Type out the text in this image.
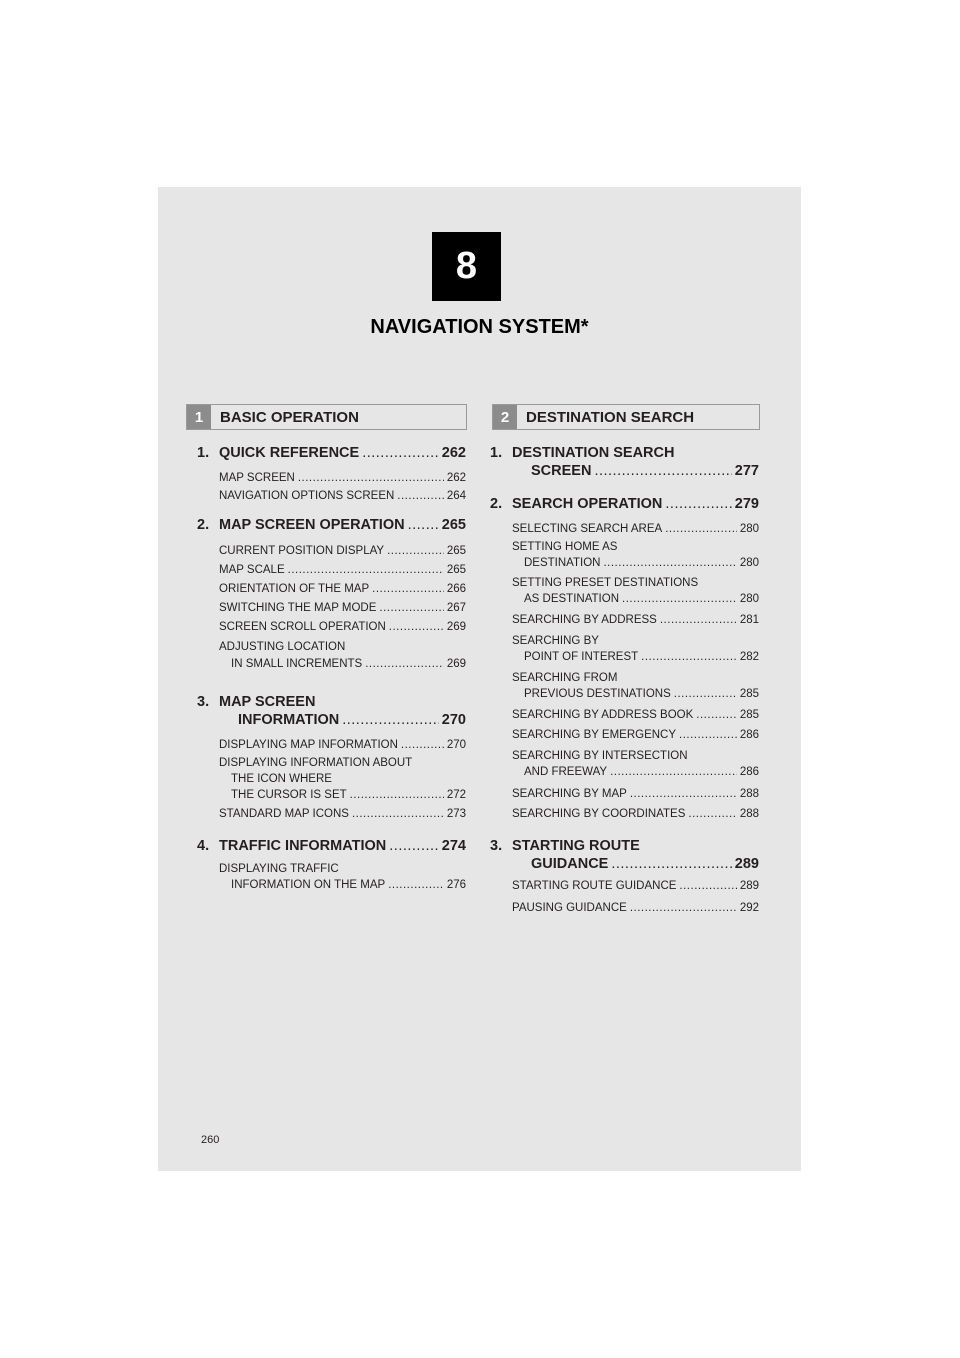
8
NAVIGATION SYSTEM*
1	BASIC OPERATION	2	DESTINATION SEARCH
1. QUICK REFERENCE .....	262
MAP SCREEN .....	262
NAVIGATION OPTIONS SCREEN .....	264
2. MAP SCREEN OPERATION .....	265
CURRENT POSITION DISPLAY .....	265
MAP SCALE .....	265
ORIENTATION OF THE MAP .....	266
SWITCHING THE MAP MODE .....	267
SCREEN SCROLL OPERATION .....	269
ADJUSTING LOCATION
IN SMALL INCREMENTS .....	269
3. MAP SCREEN
INFORMATION .....	270
DISPLAYING MAP INFORMATION .....	270
DISPLAYING INFORMATION ABOUT
THE ICON WHERE
THE CURSOR IS SET .....	272
STANDARD MAP ICONS .....	273
4. TRAFFIC INFORMATION .....	274
DISPLAYING TRAFFIC
INFORMATION ON THE MAP .....	276
1. DESTINATION SEARCH
SCREEN .....	277
2. SEARCH OPERATION .....	279
SELECTING SEARCH AREA .....	280
SETTING HOME AS
DESTINATION .....	280
SETTING PRESET DESTINATIONS
AS DESTINATION .....	280
SEARCHING BY ADDRESS .....	281
SEARCHING BY
POINT OF INTEREST .....	282
SEARCHING FROM
PREVIOUS DESTINATIONS .....	285
SEARCHING BY ADDRESS BOOK .....	285
SEARCHING BY EMERGENCY .....	286
SEARCHING BY INTERSECTION
AND FREEWAY .....	286
SEARCHING BY MAP .....	288
SEARCHING BY COORDINATES .....	288
3. STARTING ROUTE
GUIDANCE .....	289
STARTING ROUTE GUIDANCE .....	289
PAUSING GUIDANCE .....	292
260
